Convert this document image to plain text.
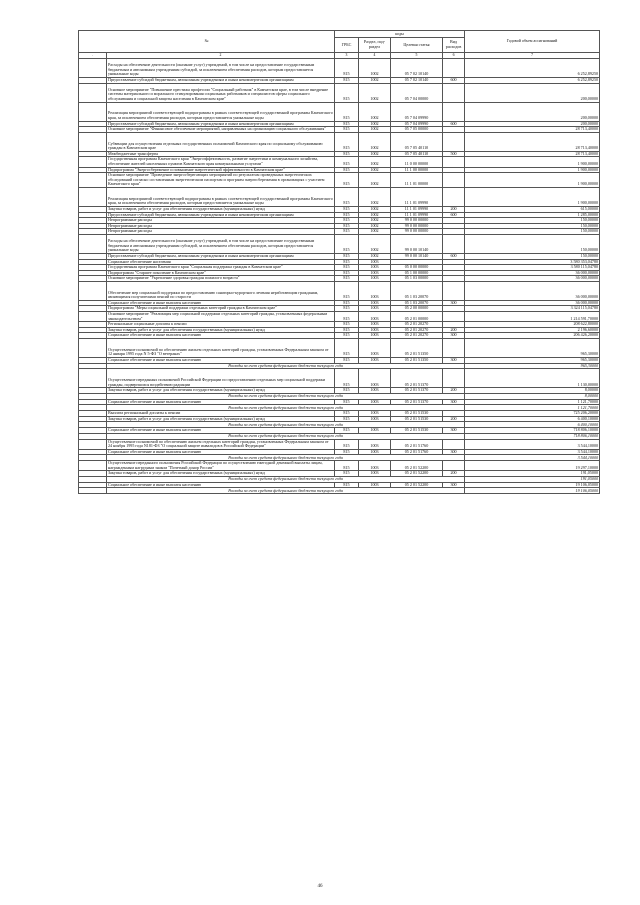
№		коды				Годовой объем ассигнований
		ГРБС	Раздел, под-раздел	Целевая статья	Вид расходов	
.	2	3	4	5	6	7
	Расходы на обеспечение деятельности (оказание услуг) учреждений, в том числе на предоставление государственным бюджетным и автономным учреждениям субсидий, за исключением обеспечения расходов, которым предоставляется уникальные коды	815	1002	05 7 02 10140		6 252,89250
	Предоставление субсидий бюджетным, автономным учреждениям и иным некоммерческим организациям	815	1002	05 7 02 10140	600	6 252,89250
	Основное мероприятие "Повышение престижа профессии "Социальный работник" в Камчатском крае, в том числе внедрение системы материального и морального стимулирования социальных работников и специалистов сферы социального обслуживания и социальной защиты населения в Камчатском крае"	815	1002	05 7 04 00000		200,00000
	Реализация мероприятий соответствующей подпрограммы в рамках соответствующей государственной программы Камчатского края, за исключением обеспечения расходов, которым предоставляется уникальные коды	815	1002	05 7 04 09990		200,00000
	Предоставление субсидий бюджетным, автономным учреждениям и иным некоммерческим организациям	815	1002	05 7 04 09990	600	200,00000
	Основное мероприятие "Финансовое обеспечение мероприятий, направленных на организацию социального обслуживания"	815	1002	05 7 05 00000		28 713,40000
	Субвенции для осуществления отдельных государственных полномочий Камчатского края по социальному обслуживанию граждан в Камчатском крае	815	1002	05 7 05 40110		28 713,40000
	Межбюджетные трансферты	815	1002	05 7 05 40110	500	28 713,40000
	Государственная программа Камчатского края "Энергоэффективность, развитие энергетики и коммунального хозяйства, обеспечение жителей населенных пунктов Камчатского края коммунальными услугами"	815	1002	11 0 00 00000		1 900,00000
	Подпрограмма "Энергосбережение и повышение энергетической эффективности в Камчатском крае"	815	1002	11 1 00 00000		1 900,00000
	Основное мероприятие "Проведение энергосберегающих мероприятий по результатам проведенных энергетических обследований согласно составленным энергетическим паспортам и программ энергосбережения в организациях с участием Камчатского края"	815	1002	11 1 01 00000		1 900,00000
	Реализация мероприятий соответствующей подпрограммы в рамках соответствующей государственной программы Камчатского края, за исключением обеспечения расходов, которым предоставляется уникальные коды	815	1002	11 1 01 09990		1 900,00000
	Закупка товаров, работ и услуг для обеспечения государственных (муниципальных) нужд	815	1002	11 1 01 09990	200	615,00000
	Предоставление субсидий бюджетным, автономным учреждениям и иным некоммерческим организациям	815	1002	11 1 01 09990	600	1 285,00000
	Непрограммные расходы	815	1002	99 0 00 00000		150,00000
	Непрограммные расходы	815	1002	99 0 00 00000		150,00000
	Непрограммные расходы	815	1002	99 0 00 00000		150,00000
	Расходы на обеспечение деятельности (оказание услуг) учреждений, в том числе на предоставление государственным бюджетным и автономным учреждениям субсидий, за исключением обеспечения расходов, которым предоставляется уникальные коды	815	1002	99 0 00 10140		150,00000
	Предоставление субсидий бюджетным, автономным учреждениям и иным некоммерческим организациям	815	1002	99 0 00 10140	600	150,00000
	Социальное обеспечение населения	815	1003			3 580 353,04780
	Государственная программа Камчатского края "Социальная поддержка граждан в Камчатском крае"	815	1003	05 0 00 00000		3 580 115,04780
	Подпрограмма "Старшее поколение в Камчатском крае"	815	1003	05 1 00 00000		36 000,00000
	Основное мероприятие "Укрепление здоровья граждан пожилого возраста"	815	1003	05 1 03 00000		36 000,00000
	Обеспечение мер социальной поддержки по предоставлению санаторно-курортного лечения неработающим гражданам, являющимся получателями пенсий по старости	815	1003	05 1 03 20070		36 000,00000
	Социальное обеспечение и иные выплаты населению	815	1003	05 1 03 20070	300	36 000,00000
	Подпрограмма "Меры социальной поддержки отдельных категорий граждан в Камчатском крае"	815	1003	05 2 00 00000		3 324 115,04780
	Основное мероприятие "Реализация мер социальной поддержки отдельных категорий граждан, установленных федеральным законодательством"	815	1003	05 2 01 00000		1 214 591,70000
	Региональные социальные доплаты к пенсии	815	1003	05 2 01 20270		208 622,80000
	Закупка товаров, работ и услуг для обеспечения государственных (муниципальных) нужд	815	1003	05 2 01 20270	200	2 196,60000
	Социальное обеспечение и иные выплаты населению	815	1003	05 2 01 20270	300	206 426,20000
	Осуществление полномочий по обеспечению жильем отдельных категорий граждан, установленных Федеральным законом от 12 января 1995 года N 5-ФЗ "О ветеранах"	815	1003	05 2 01 51350		965,30000
	Социальное обеспечение и иные выплаты населению	815	1003	05 2 01 51350	300	965,30000
	Расходы за счет средств федерального бюджета текущего года					965,30000
	Осуществление переданных полномочий Российской Федерации по предоставлению отдельных мер социальной поддержки граждан, подвергшихся воздействию радиации	815	1003	05 2 01 51370		1 130,00000
	Закупка товаров, работ и услуг для обеспечения государственных (муниципальных) нужд	815	1003	05 2 01 51370	200	8,00000
	Расходы за счет средств федерального бюджета текущего года					8,00000
	Социальное обеспечение и иные выплаты населению	815	1003	05 2 01 51370	300	1 121,70000
	Расходы за счет средств федерального бюджета текущего года					1 121,70000
	Выплата региональной доплаты к пенсии	815	1003	05 2 01 51530		725 206,20000
	Закупка товаров, работ и услуг для обеспечения государственных (муниципальных) нужд	815	1003	05 2 01 51530	200	6 400,10000
	Расходы за счет средств федерального бюджета текущего года					6 400,10000
	Социальное обеспечение и иные выплаты населению	815	1003	05 2 01 51530	300	718 806,10000
	Расходы за счет средств федерального бюджета текущего года					718 806,10000
	Осуществление полномочий по обеспечению жильем отдельных категорий граждан, установленных Федеральным законом от 24 ноября 1995 года N181-ФЗ "О социальной защите инвалидов в Российской Федерации"	815	1003	05 2 01 51760		3 544,10000
	Социальное обеспечение и иные выплаты населению	815	1003	05 2 01 51760	300	3 544,10000
	Расходы за счет средств федерального бюджета текущего года					3 544,10000
	Осуществление переданного полномочия Российской Федерации по осуществлению ежегодной денежной выплаты лицам, награжденным нагрудным знаком "Почетный донор России"	815	1003	05 2 01 52200		19 297,10000
	Закупка товаров, работ и услуг для обеспечения государственных (муниципальных) нужд	815	1003	05 2 01 52200	200	191,05000
	Расходы за счет средств федерального бюджета текущего года					191,05000
	Социальное обеспечение и иные выплаты населению	815	1003	05 2 01 52200	300	19 106,05000
	Расходы за счет средств федерального бюджета текущего года					19 106,05000
46
